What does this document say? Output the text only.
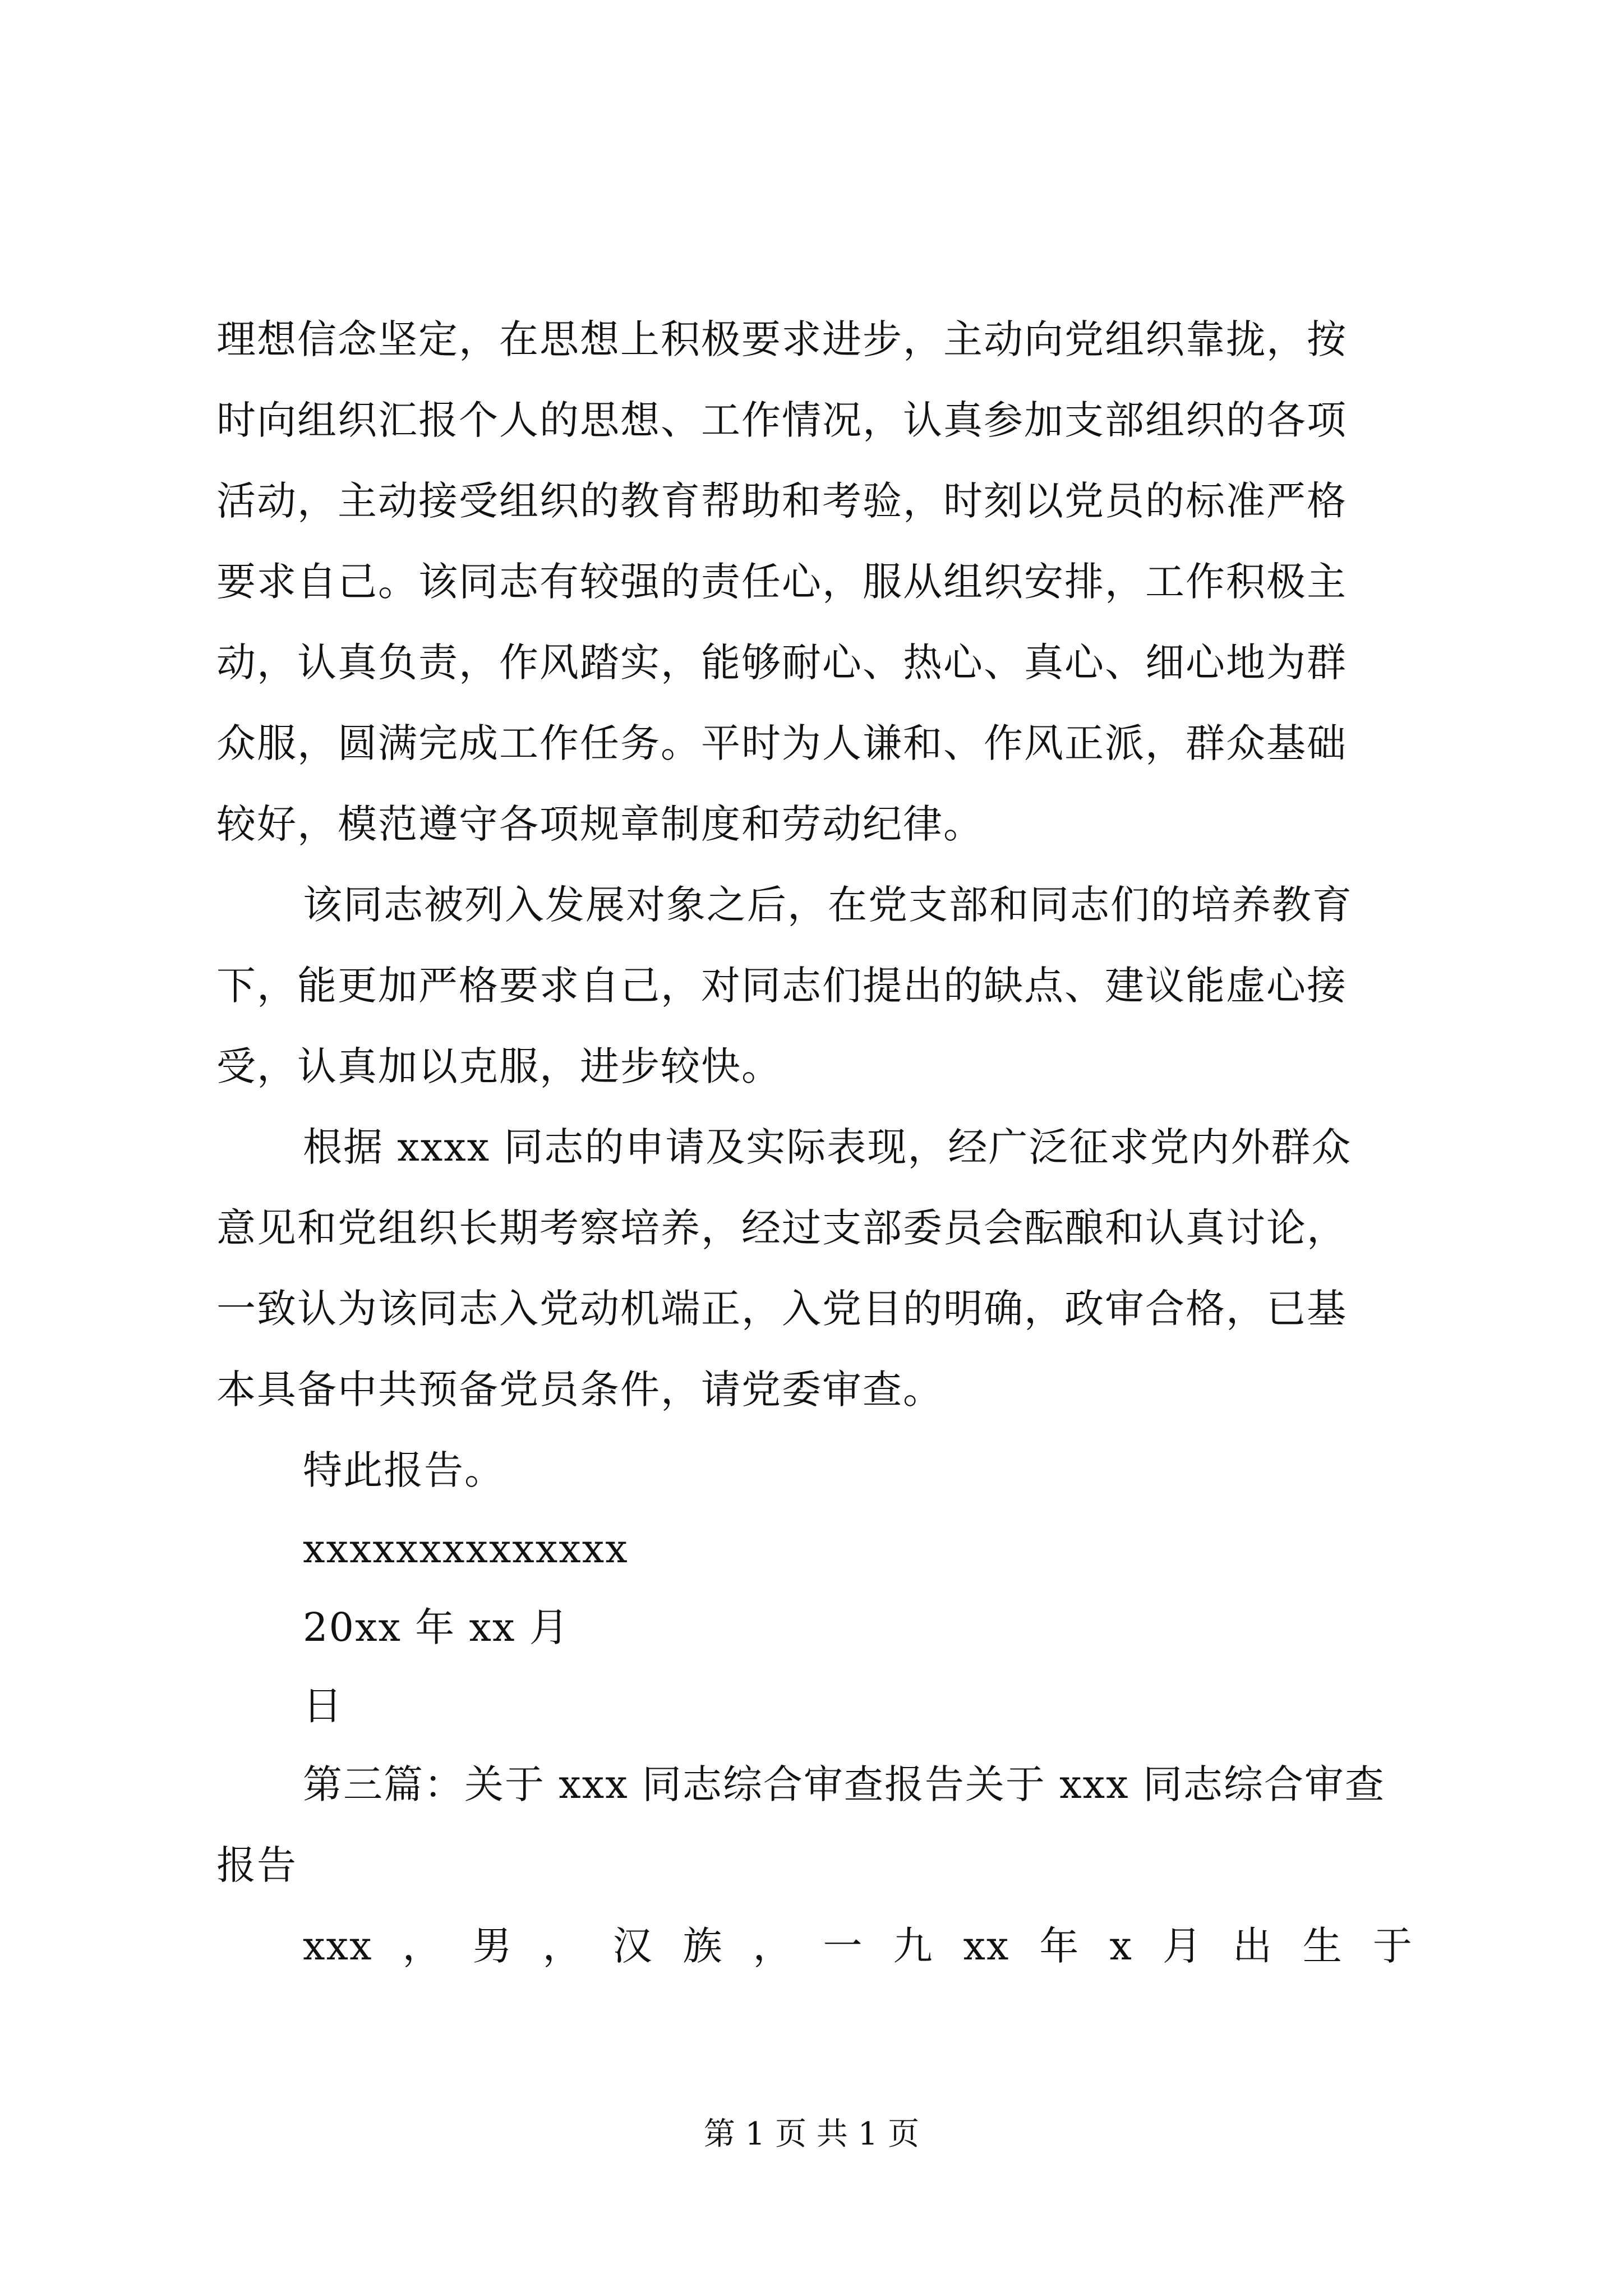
理想信念坚定，在思想上积极要求进步，主动向党组织靠拢，按
时向组织汇报个人的思想、工作情况，认真参加支部组织的各项
活动，主动接受组织的教育帮助和考验，时刻以党员的标准严格
要求自己。该同志有较强的责任心，服从组织安排，工作积极主
动，认真负责，作风踏实，能够耐心、热心、真心、细心地为群
众服，圆满完成工作任务。平时为人谦和、作风正派，群众基础
较好，模范遵守各项规章制度和劳动纪律。
该同志被列入发展对象之后，在党支部和同志们的培养教育
下，能更加严格要求自己，对同志们提出的缺点、建议能虚心接
受，认真加以克服，进步较快。
根据 xxxx 同志的申请及实际表现，经广泛征求党内外群众
意见和党组织长期考察培养，经过支部委员会酝酿和认真讨论，
一致认为该同志入党动机端正，入党目的明确，政审合格，已基
本具备中共预备党员条件，请党委审查。
特此报告。
xxxxxxxxxxxxxx
20xx 年 xx 月
日
第三篇：关于 xxx 同志综合审查报告关于 xxx 同志综合审查
报告
xxx ， 男 ， 汉 族 ， 一 九 xx 年 x 月 出 生 于
第 1 页 共 1 页
